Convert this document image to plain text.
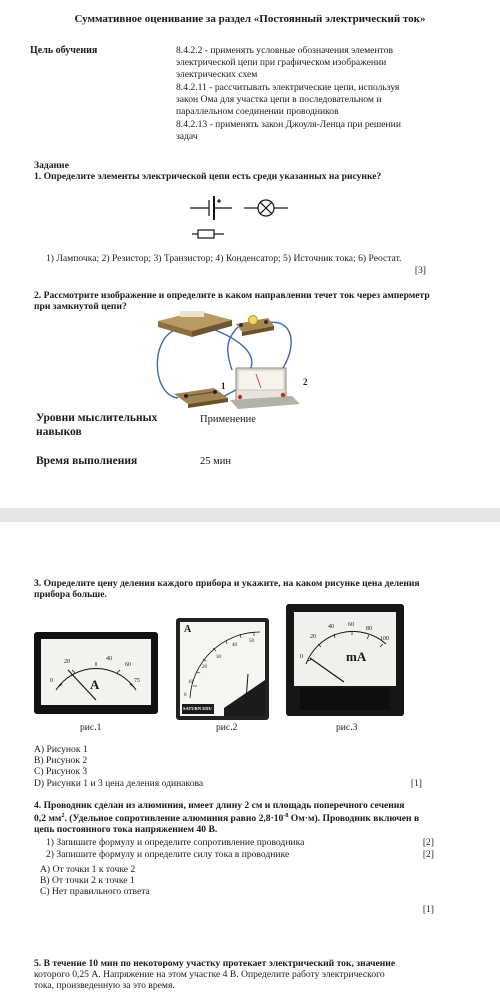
Суммативное оценивание за раздел «Постоянный электрический ток»
Цель обучения	8.4.2.2 - применять условные обозначения элементов
электрической цепи при графическом изображении
электрических схем
8.4.2.11 - рассчитывать электрические цепи, используя
закон Ома для участка цепи в последовательном и
параллельном соединении проводников
8.4.2.13 - применять закон Джоуля-Ленца при решении
задач
Задание
1. Определите элементы электрической цепи есть среди указанных на рисунке?
1) Лампочка; 2) Резистор; 3) Транзистор; 4) Конденсатор; 5) Источник тока; 6) Реостат.
[3]
2. Рассмотрите изображение и определите в каком направлении течет ток через амперметр
при замкнутой цепи?
1	2
Уровни мыслительных
навыков
Применение
Время выполнения	25 мин
3. Определите цену деления каждого прибора и укажите, на каком рисунке цена деления
прибора больше.
0
20	40
60
75
A
A
0
10
20
30
40
50
SATURN EDU
0
20
40 60
80
100
mA
рис.1	рис.2	рис.3
A) Рисунок 1
B) Рисунок 2
C) Рисунок 3
D) Рисунки 1 и 3 цена деления одинакова	[1]
4. Проводник сделан из алюминия, имеет длину 2 см и площадь поперечного сечения
0,2 $мм^2$. (Удельное сопротивление алюминия равно $2,8\cdot 10^{-8}$ Ом·м). Проводник включен в
цепь постоянного тока напряжением 40 В.
1) Запишите формулу и определите сопротивление проводника	[2]
2) Запишите формулу и определите силу тока в проводнике	[2]
A) От точки 1 к точке 2
B) От точки 2 к точке 1
C) Нет правильного ответа
[1]
5. В течение 10 мин по некоторому участку протекает электрический ток, значение
которого 0,25 А. Напряжение на этом участке 4 В. Определите работу электрического
тока, произведенную за это время.
